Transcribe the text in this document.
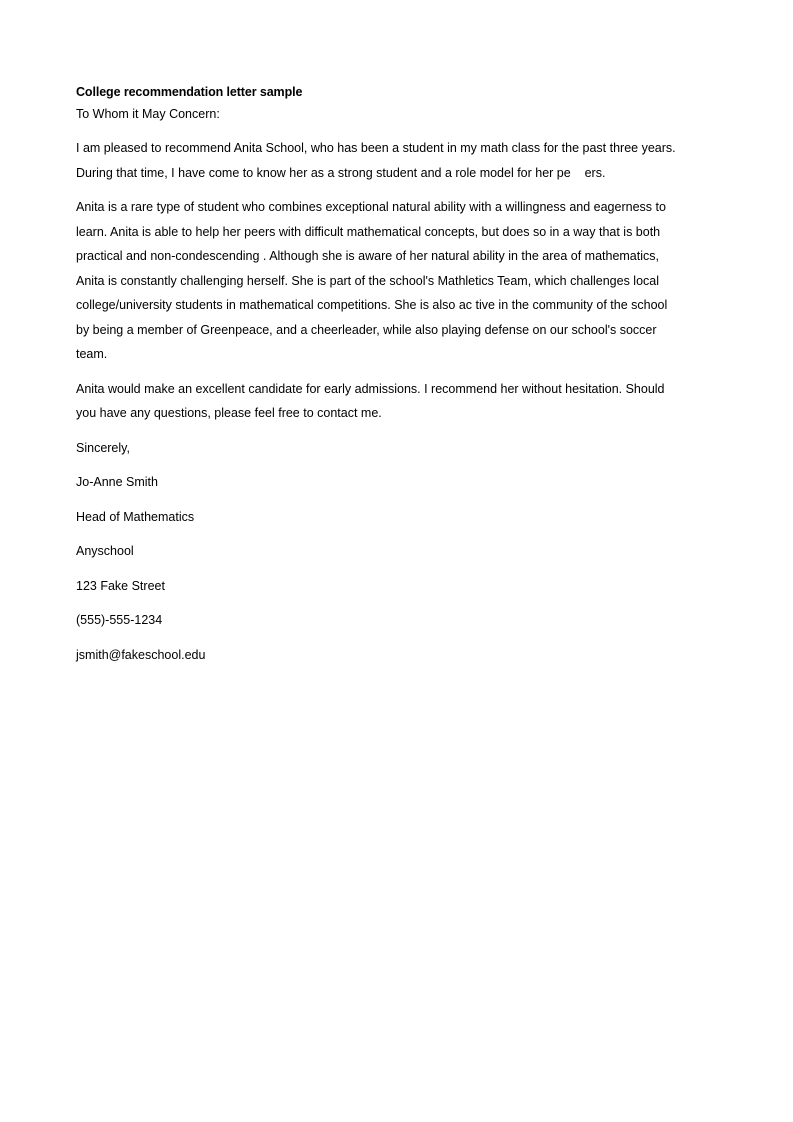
College recommendation letter sample
To Whom it May Concern:
I am pleased to recommend Anita School, who has been a student in my math class for the past three years.
During that time, I have come to know her as a strong student and a role model for her pe    ers.
Anita is a rare type of student who combines exceptional natural ability with a willingness and eagerness to
learn. Anita is able to help her peers with difficult mathematical concepts, but does so in a way that is both
practical and non-condescending . Although she is aware of her natural ability in the area of mathematics,
Anita is constantly challenging herself. She is part of the school's Mathletics Team, which challenges local
college/university students in mathematical competitions. She is also ac tive in the community of the school
by being a member of Greenpeace, and a cheerleader, while also playing defense on our school's soccer
team.
Anita would make an excellent candidate for early admissions. I recommend her without hesitation. Should
you have any questions, please feel free to contact me.
Sincerely,
Jo-Anne Smith
Head of Mathematics
Anyschool
123 Fake Street
(555)-555-1234
jsmith@fakeschool.edu
